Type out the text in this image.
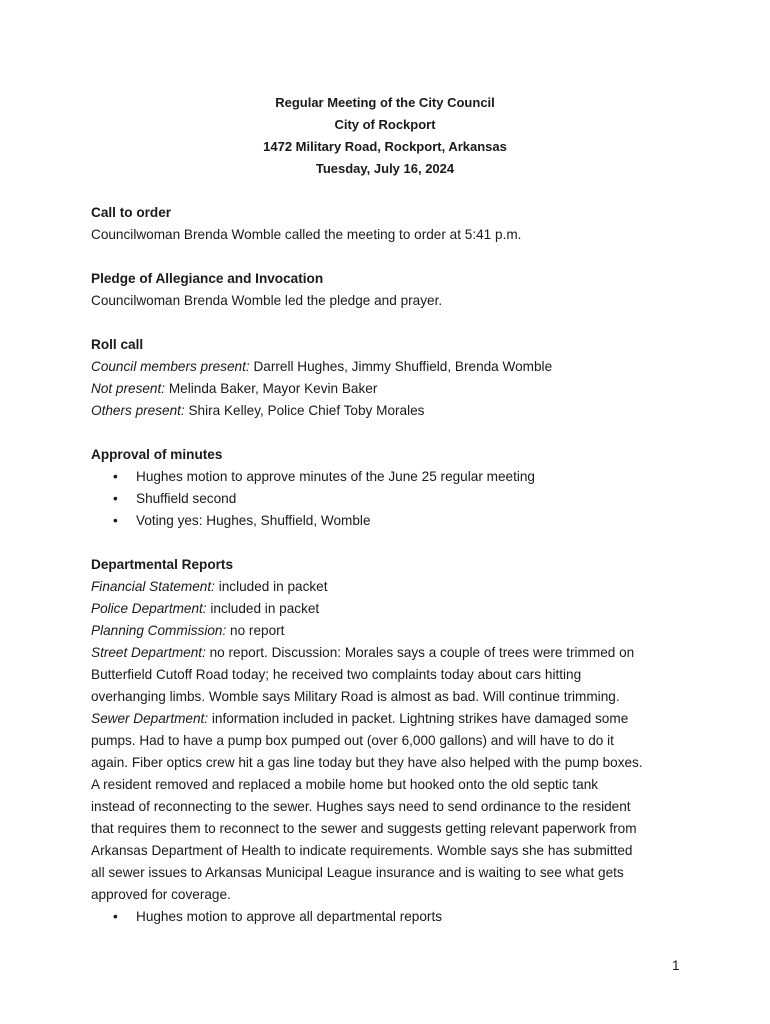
Regular Meeting of the City Council
City of Rockport
1472 Military Road, Rockport, Arkansas
Tuesday, July 16, 2024
Call to order
Councilwoman Brenda Womble called the meeting to order at 5:41 p.m.
Pledge of Allegiance and Invocation
Councilwoman Brenda Womble led the pledge and prayer.
Roll call
Council members present: Darrell Hughes, Jimmy Shuffield, Brenda Womble
Not present: Melinda Baker, Mayor Kevin Baker
Others present: Shira Kelley, Police Chief Toby Morales
Approval of minutes
• Hughes motion to approve minutes of the June 25 regular meeting
• Shuffield second
• Voting yes: Hughes, Shuffield, Womble
Departmental Reports
Financial Statement: included in packet
Police Department: included in packet
Planning Commission: no report
Street Department: no report. Discussion: Morales says a couple of trees were trimmed on
Butterfield Cutoff Road today; he received two complaints today about cars hitting
overhanging limbs. Womble says Military Road is almost as bad. Will continue trimming.
Sewer Department: information included in packet. Lightning strikes have damaged some
pumps. Had to have a pump box pumped out (over 6,000 gallons) and will have to do it
again. Fiber optics crew hit a gas line today but they have also helped with the pump boxes.
A resident removed and replaced a mobile home but hooked onto the old septic tank
instead of reconnecting to the sewer. Hughes says need to send ordinance to the resident
that requires them to reconnect to the sewer and suggests getting relevant paperwork from
Arkansas Department of Health to indicate requirements. Womble says she has submitted
all sewer issues to Arkansas Municipal League insurance and is waiting to see what gets
approved for coverage.
• Hughes motion to approve all departmental reports
1
